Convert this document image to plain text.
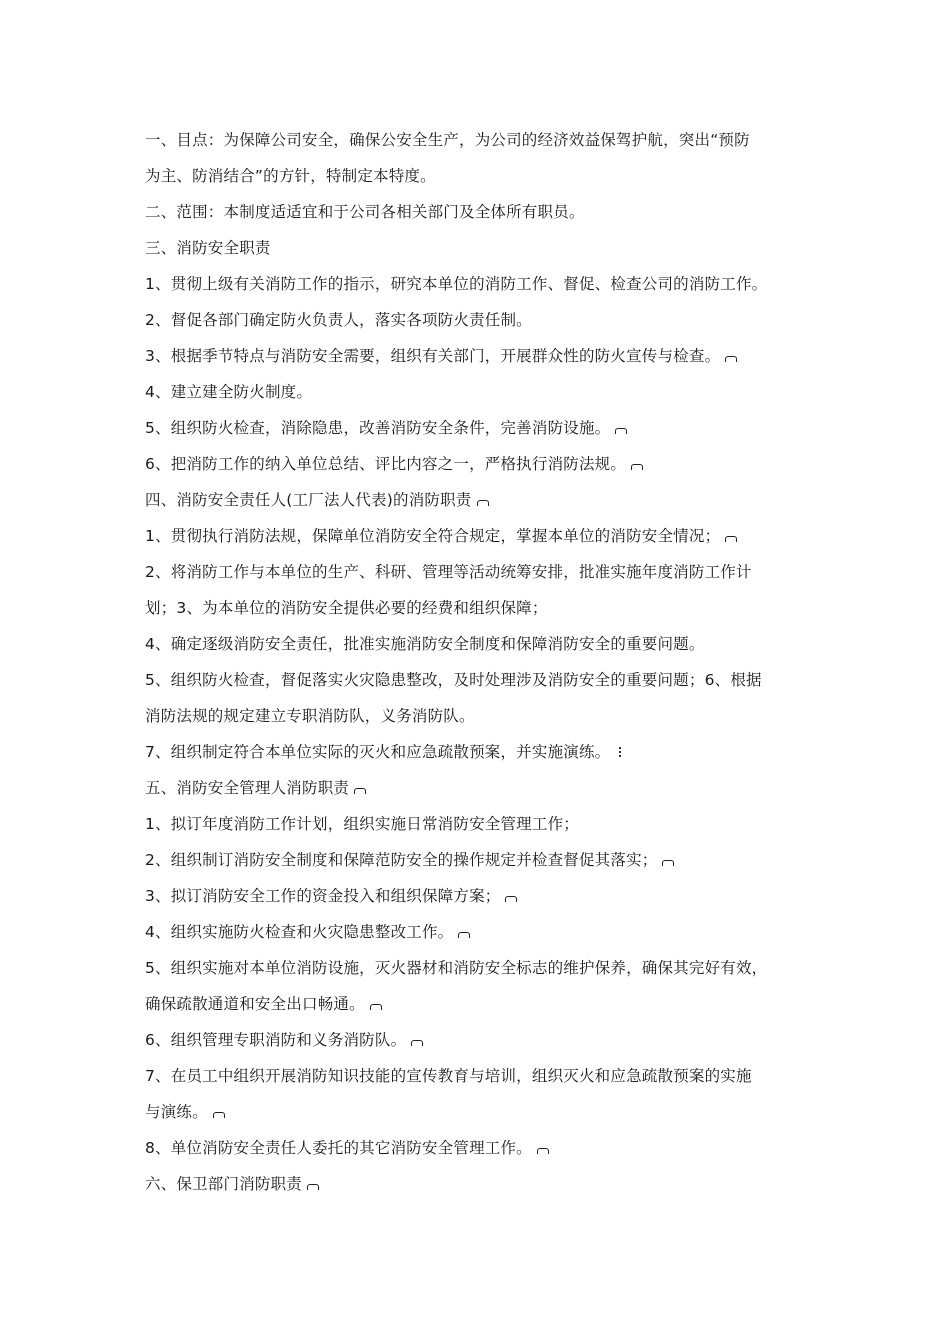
一、目点：为保障公司安全，确保公安全生产，为公司的经济效益保驾护航，突出“预防
为主、防消结合”的方针，特制定本特度。
二、范围：本制度适适宜和于公司各相关部门及全体所有职员。
三、消防安全职责
1、贯彻上级有关消防工作的指示，研究本单位的消防工作、督促、检查公司的消防工作。
2、督促各部门确定防火负责人，落实各项防火责任制。
3、根据季节特点与消防安全需要，组织有关部门，开展群众性的防火宣传与检查。
4、建立建全防火制度。
5、组织防火检查，消除隐患，改善消防安全条件，完善消防设施。
6、把消防工作的纳入单位总结、评比内容之一，严格执行消防法规。
四、消防安全责任人(工厂法人代表)的消防职责
1、贯彻执行消防法规，保障单位消防安全符合规定，掌握本单位的消防安全情况；
2、将消防工作与本单位的生产、科研、管理等活动统筹安排，批准实施年度消防工作计
划；3、为本单位的消防安全提供必要的经费和组织保障；
4、确定逐级消防安全责任，批准实施消防安全制度和保障消防安全的重要问题。
5、组织防火检查，督促落实火灾隐患整改，及时处理涉及消防安全的重要问题；6、根据
消防法规的规定建立专职消防队，义务消防队。
7、组织制定符合本单位实际的灭火和应急疏散预案，并实施演练。
五、消防安全管理人消防职责
1、拟订年度消防工作计划，组织实施日常消防安全管理工作；
2、组织制订消防安全制度和保障范防安全的操作规定并检查督促其落实；
3、拟订消防安全工作的资金投入和组织保障方案；
4、组织实施防火检查和火灾隐患整改工作。
5、组织实施对本单位消防设施，灭火器材和消防安全标志的维护保养，确保其完好有效，
确保疏散通道和安全出口畅通。
6、组织管理专职消防和义务消防队。
7、在员工中组织开展消防知识技能的宣传教育与培训，组织灭火和应急疏散预案的实施
与演练。
8、单位消防安全责任人委托的其它消防安全管理工作。
六、保卫部门消防职责
